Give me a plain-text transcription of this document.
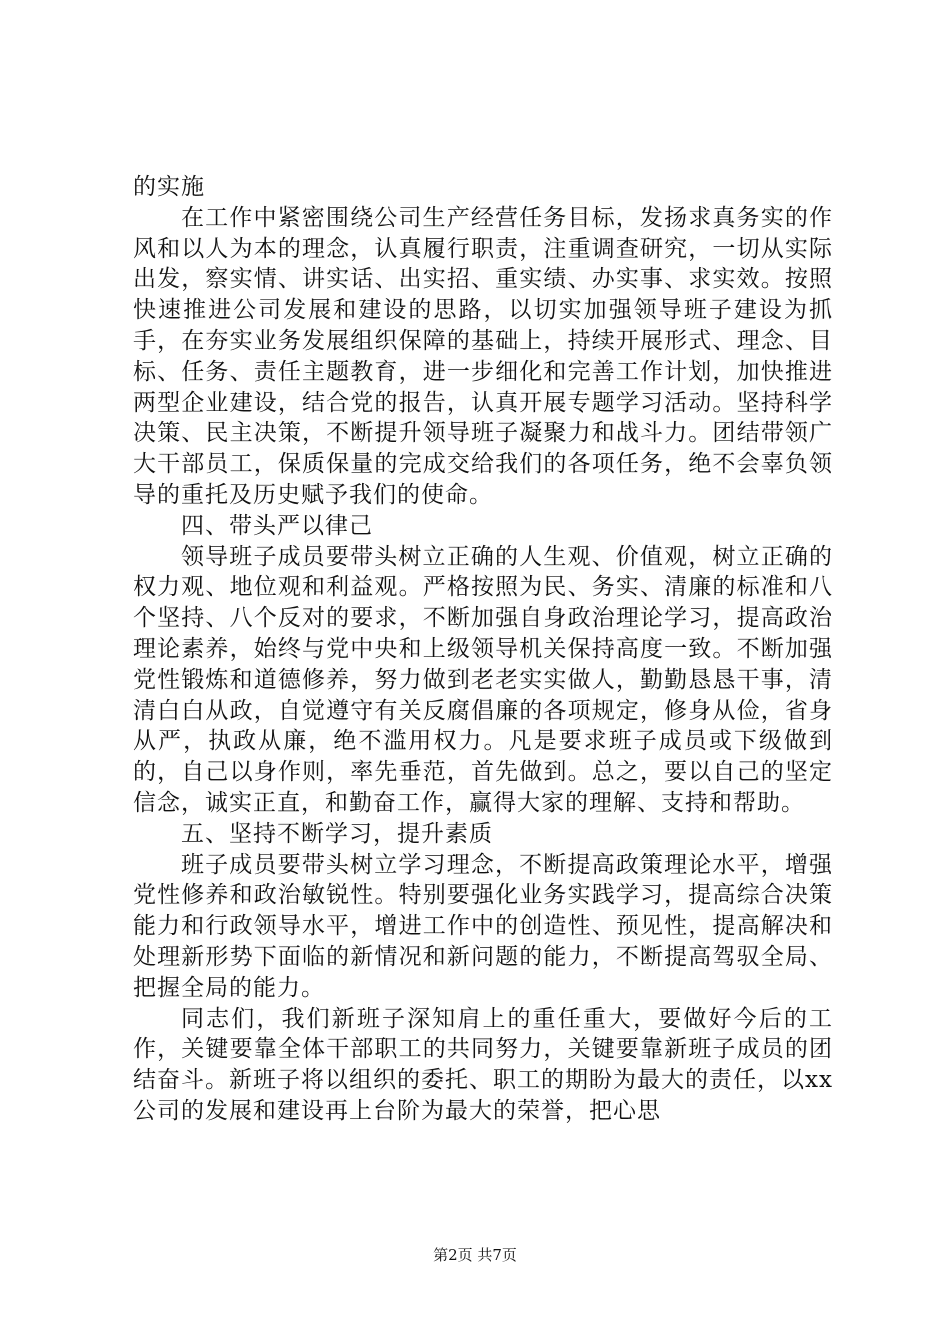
的实施

在工作中紧密围绕公司生产经营任务目标，发扬求真务实的作风和以人为本的理念，认真履行职责，注重调查研究，一切从实际出发，察实情、讲实话、出实招、重实绩、办实事、求实效。按照快速推进公司发展和建设的思路，以切实加强领导班子建设为抓手，在夯实业务发展组织保障的基础上，持续开展形式、理念、目标、任务、责任主题教育，进一步细化和完善工作计划，加快推进两型企业建设，结合党的报告，认真开展专题学习活动。坚持科学决策、民主决策，不断提升领导班子凝聚力和战斗力。团结带领广大干部员工，保质保量的完成交给我们的各项任务，绝不会辜负领导的重托及历史赋予我们的使命。

四、带头严以律己

领导班子成员要带头树立正确的人生观、价值观，树立正确的权力观、地位观和利益观。严格按照为民、务实、清廉的标准和八个坚持、八个反对的要求，不断加强自身政治理论学习，提高政治理论素养，始终与党中央和上级领导机关保持高度一致。不断加强党性锻炼和道德修养，努力做到老老实实做人，勤勤恳恳干事，清清白白从政，自觉遵守有关反腐倡廉的各项规定，修身从俭，省身从严，执政从廉，绝不滥用权力。凡是要求班子成员或下级做到的，自己以身作则，率先垂范，首先做到。总之，要以自己的坚定信念，诚实正直，和勤奋工作，赢得大家的理解、支持和帮助。

五、坚持不断学习，提升素质

班子成员要带头树立学习理念，不断提高政策理论水平，增强党性修养和政治敏锐性。特别要强化业务实践学习，提高综合决策能力和行政领导水平，增进工作中的创造性、预见性，提高解决和处理新形势下面临的新情况和新问题的能力，不断提高驾驭全局、把握全局的能力。

同志们，我们新班子深知肩上的重任重大，要做好今后的工作，关键要靠全体干部职工的共同努力，关键要靠新班子成员的团结奋斗。新班子将以组织的委托、职工的期盼为最大的责任，以xx公司的发展和建设再上台阶为最大的荣誉，把心思

第2页 共7页
